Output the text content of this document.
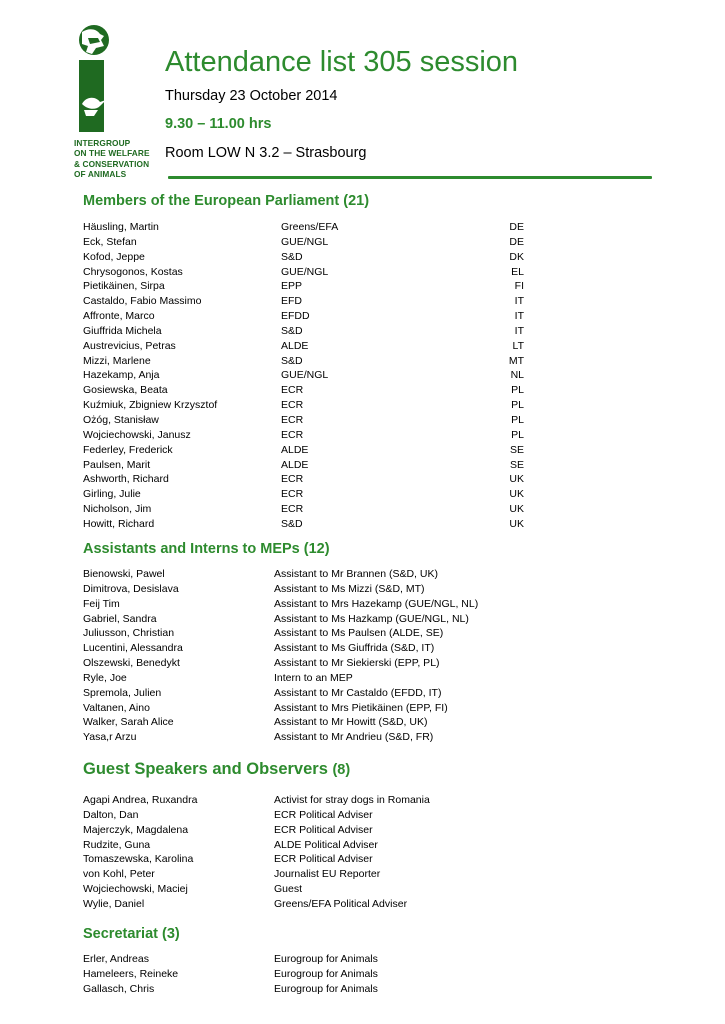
INTERGROUP
ON THE WELFARE
& CONSERVATION
OF ANIMALS
Attendance list 305 session
Thursday 23 October 2014
9.30 – 11.00 hrs
Room LOW N 3.2 – Strasbourg
Members of the European Parliament (21)
Häusling, Martin	Greens/EFA	DE
Eck, Stefan	GUE/NGL	DE
Kofod, Jeppe	S&D	DK
Chrysogonos, Kostas	GUE/NGL	EL
Pietikäinen, Sirpa	EPP	FI
Castaldo, Fabio Massimo	EFD	IT
Affronte, Marco	EFDD	IT
Giuffrida Michela	S&D	IT
Austrevicius, Petras	ALDE	LT
Mizzi, Marlene	S&D	MT
Hazekamp, Anja	GUE/NGL	NL
Gosiewska, Beata	ECR	PL
Kuźmiuk, Zbigniew Krzysztof	ECR	PL
Ożóg, Stanisław	ECR	PL
Wojciechowski, Janusz	ECR	PL
Federley, Frederick	ALDE	SE
Paulsen, Marit	ALDE	SE
Ashworth, Richard	ECR	UK
Girling, Julie	ECR	UK
Nicholson, Jim	ECR	UK
Howitt, Richard	S&D	UK
Assistants and Interns to MEPs (12)
Bienowski, Pawel	Assistant to Mr Brannen (S&D, UK)
Dimitrova, Desislava	Assistant to Ms Mizzi (S&D, MT)
Feij Tim	Assistant to Mrs Hazekamp (GUE/NGL, NL)
Gabriel, Sandra	Assistant to Ms Hazkamp (GUE/NGL, NL)
Juliusson, Christian	Assistant to Ms Paulsen (ALDE, SE)
Lucentini, Alessandra	Assistant to Ms Giuffrida (S&D, IT)
Olszewski, Benedykt	Assistant to Mr Siekierski (EPP, PL)
Ryle, Joe	Intern to an MEP
Spremola, Julien	Assistant to Mr Castaldo (EFDD, IT)
Valtanen, Aino	Assistant to Mrs Pietikäinen (EPP, FI)
Walker, Sarah Alice	Assistant to Mr Howitt (S&D, UK)
Yasa,r Arzu	Assistant to Mr Andrieu (S&D, FR)
Guest Speakers and Observers (8)
Agapi Andrea, Ruxandra	Activist for stray dogs in Romania
Dalton, Dan	ECR Political Adviser
Majerczyk, Magdalena	ECR Political Adviser
Rudzite, Guna	ALDE Political Adviser
Tomaszewska, Karolina	ECR Political Adviser
von Kohl, Peter	Journalist EU Reporter
Wojciechowski, Maciej	Guest
Wylie, Daniel	Greens/EFA Political Adviser
Secretariat (3)
Erler, Andreas	Eurogroup for Animals
Hameleers, Reineke	Eurogroup for Animals
Gallasch, Chris	Eurogroup for Animals
